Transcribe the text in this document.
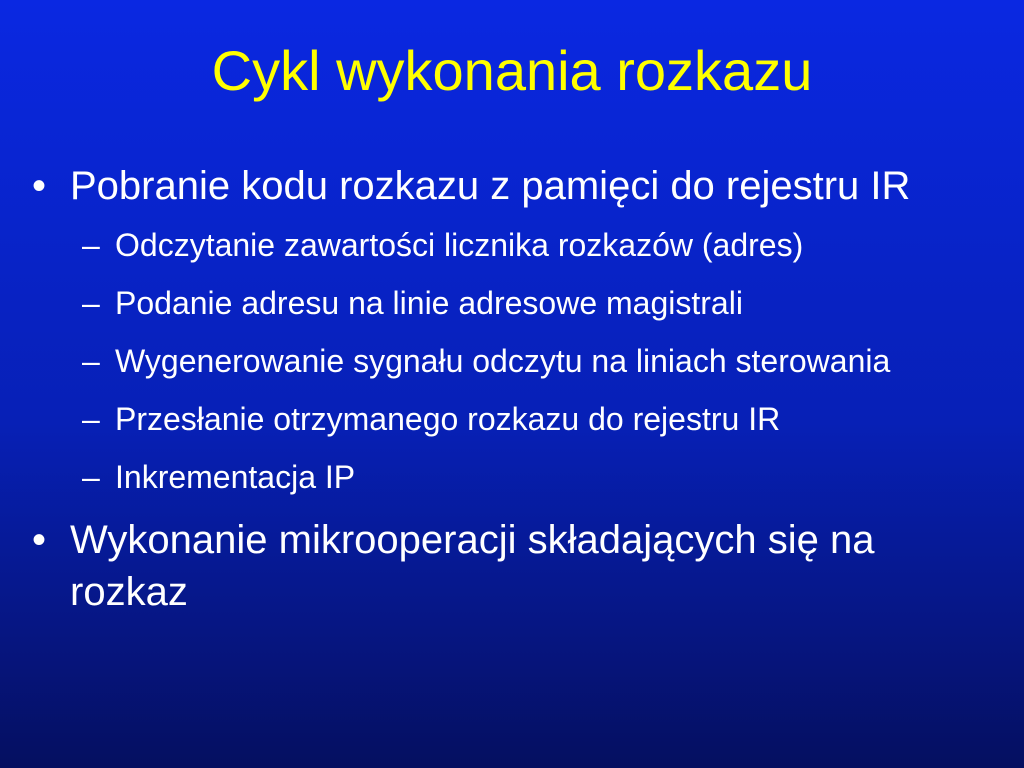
Cykl wykonania rozkazu
• Pobranie kodu rozkazu z pamięci do rejestru IR
– Odczytanie zawartości licznika rozkazów (adres)
– Podanie adresu na linie adresowe magistrali
– Wygenerowanie sygnału odczytu na liniach sterowania
– Przesłanie otrzymanego rozkazu do rejestru IR
– Inkrementacja IP
• Wykonanie mikrooperacji składających się na rozkaz
